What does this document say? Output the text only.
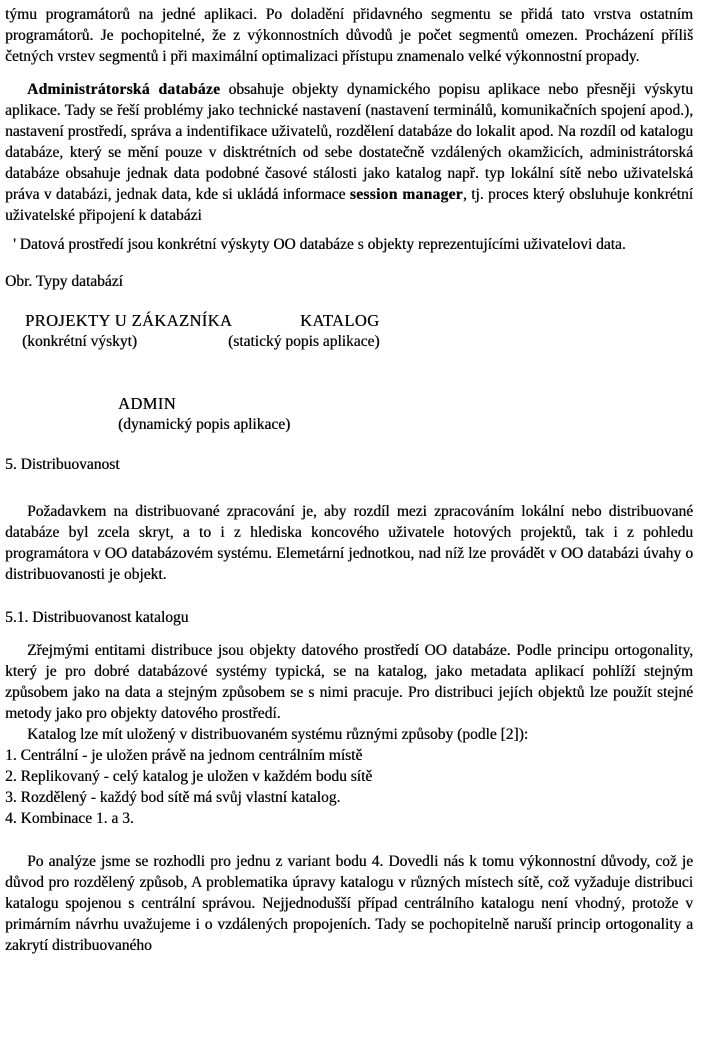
týmu programátorů na jedné aplikaci. Po doladění přidavného segmentu se přidá tato vrstva ostatním programátorů. Je pochopitelné, že z výkonnostních důvodů je počet segmentů omezen. Procházení příliš četných vrstev segmentů i při maximální optimalizaci přístupu znamenalo velké výkonnostní propady.

Administrátorská databáze obsahuje objekty dynamického popisu aplikace nebo přesněji výskytu aplikace. Tady se řeší problémy jako technické nastavení (nastavení terminálů, komunikačních spojení apod.), nastavení prostředí, správa a indentifikace uživatelů, rozdělení databáze do lokalit apod. Na rozdíl od katalogu databáze, který se mění pouze v disktrétních od sebe dostatečně vzdálených okamžicích, administrátorská databáze obsahuje jednak data podobné časové stálosti jako katalog např. typ lokální sítě nebo uživatelská práva v databázi, jednak data, kde si ukládá informace session manager, tj. proces který obsluhuje konkrétní uživatelské připojení k databázi

' Datová prostředí jsou konkrétní výskyty OO databáze s objekty reprezentujícími uživatelovi data.

Obr. Typy databází

PROJEKTY U ZÁKAZNÍKA	KATALOG
(konkrétní výskyt)	(statický popis aplikace)
ADMIN
(dynamický popis aplikace)

5. Distribuovanost

Požadavkem na distribuované zpracování je, aby rozdíl mezi zpracováním lokální nebo distribuované databáze byl zcela skryt, a to i z hlediska koncového uživatele hotových projektů, tak i z pohledu programátora v OO databázovém systému. Elemetární jednotkou, nad níž lze provádět v OO databázi úvahy o distribuovanosti je objekt.

5.1. Distribuovanost katalogu

Zřejmými entitami distribuce jsou objekty datového prostředí OO databáze. Podle principu ortogonality, který je pro dobré databázové systémy typická, se na katalog, jako metadata aplikací pohlíží stejným způsobem jako na data a stejným způsobem se s nimi pracuje. Pro distribuci jejích objektů lze použít stejné metody jako pro objekty datového prostředí.

Katalog lze mít uložený v distribuovaném systému různými způsoby (podle [2]):

1. Centrální - je uložen právě na jednom centrálním místě

2. Replikovaný - celý katalog je uložen v každém bodu sítě

3. Rozdělený - každý bod sítě má svůj vlastní katalog.

4. Kombinace 1. a 3.

Po analýze jsme se rozhodli pro jednu z variant bodu 4. Dovedli nás k tomu výkonnostní důvody, což je důvod pro rozdělený způsob, A problematika úpravy katalogu v různých místech sítě, což vyžaduje distribuci katalogu spojenou s centrální správou. Nejjednodušší případ centrálního katalogu není vhodný, protože v primárním návrhu uvažujeme i o vzdálených propojeních. Tady se pochopitelně naruší princip ortogonality a zakrytí distribuovaného
